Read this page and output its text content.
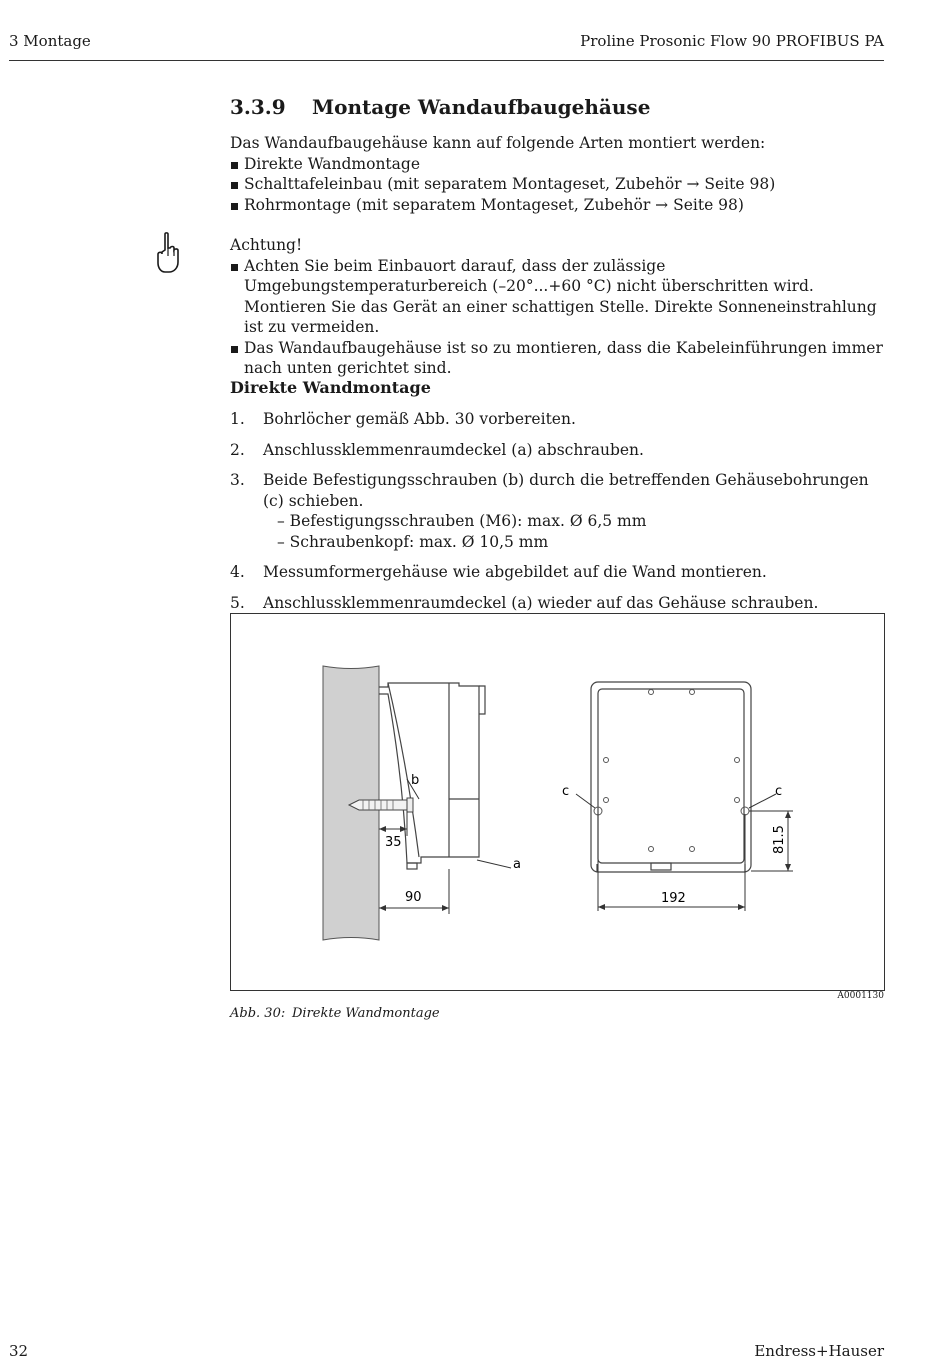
3 Montage	Proline Prosonic Flow 90 PROFIBUS PA
3.3.9 Montage Wandaufbaugehäuse
Das Wandaufbaugehäuse kann auf folgende Arten montiert werden:
Direkte Wandmontage
Schalttafeleinbau (mit separatem Montageset, Zubehör → Seite 98)
Rohrmontage (mit separatem Montageset, Zubehör → Seite 98)
Achtung!
Achten Sie beim Einbauort darauf, dass der zulässige Umgebungstemperaturbereich (–20°...+60 °C) nicht überschritten wird. Montieren Sie das Gerät an einer schattigen Stelle. Direkte Sonneneinstrahlung ist zu vermeiden.
Das Wandaufbaugehäuse ist so zu montieren, dass die Kabeleinführungen immer nach unten gerichtet sind.
Direkte Wandmontage
1. Bohrlöcher gemäß Abb. 30 vorbereiten.
2. Anschlussklemmenraumdeckel (a) abschrauben.
3. Beide Befestigungsschrauben (b) durch die betreffenden Gehäusebohrungen (c) schieben.
– Befestigungsschrauben (M6): max. Ø 6,5 mm
– Schraubenkopf: max. Ø 10,5 mm
4. Messumformergehäuse wie abgebildet auf die Wand montieren.
5. Anschlussklemmenraumdeckel (a) wieder auf das Gehäuse schrauben.
b
a
c	c
35
90	192
81.5
A0001130
Abb. 30: Direkte Wandmontage
32	Endress+Hauser
